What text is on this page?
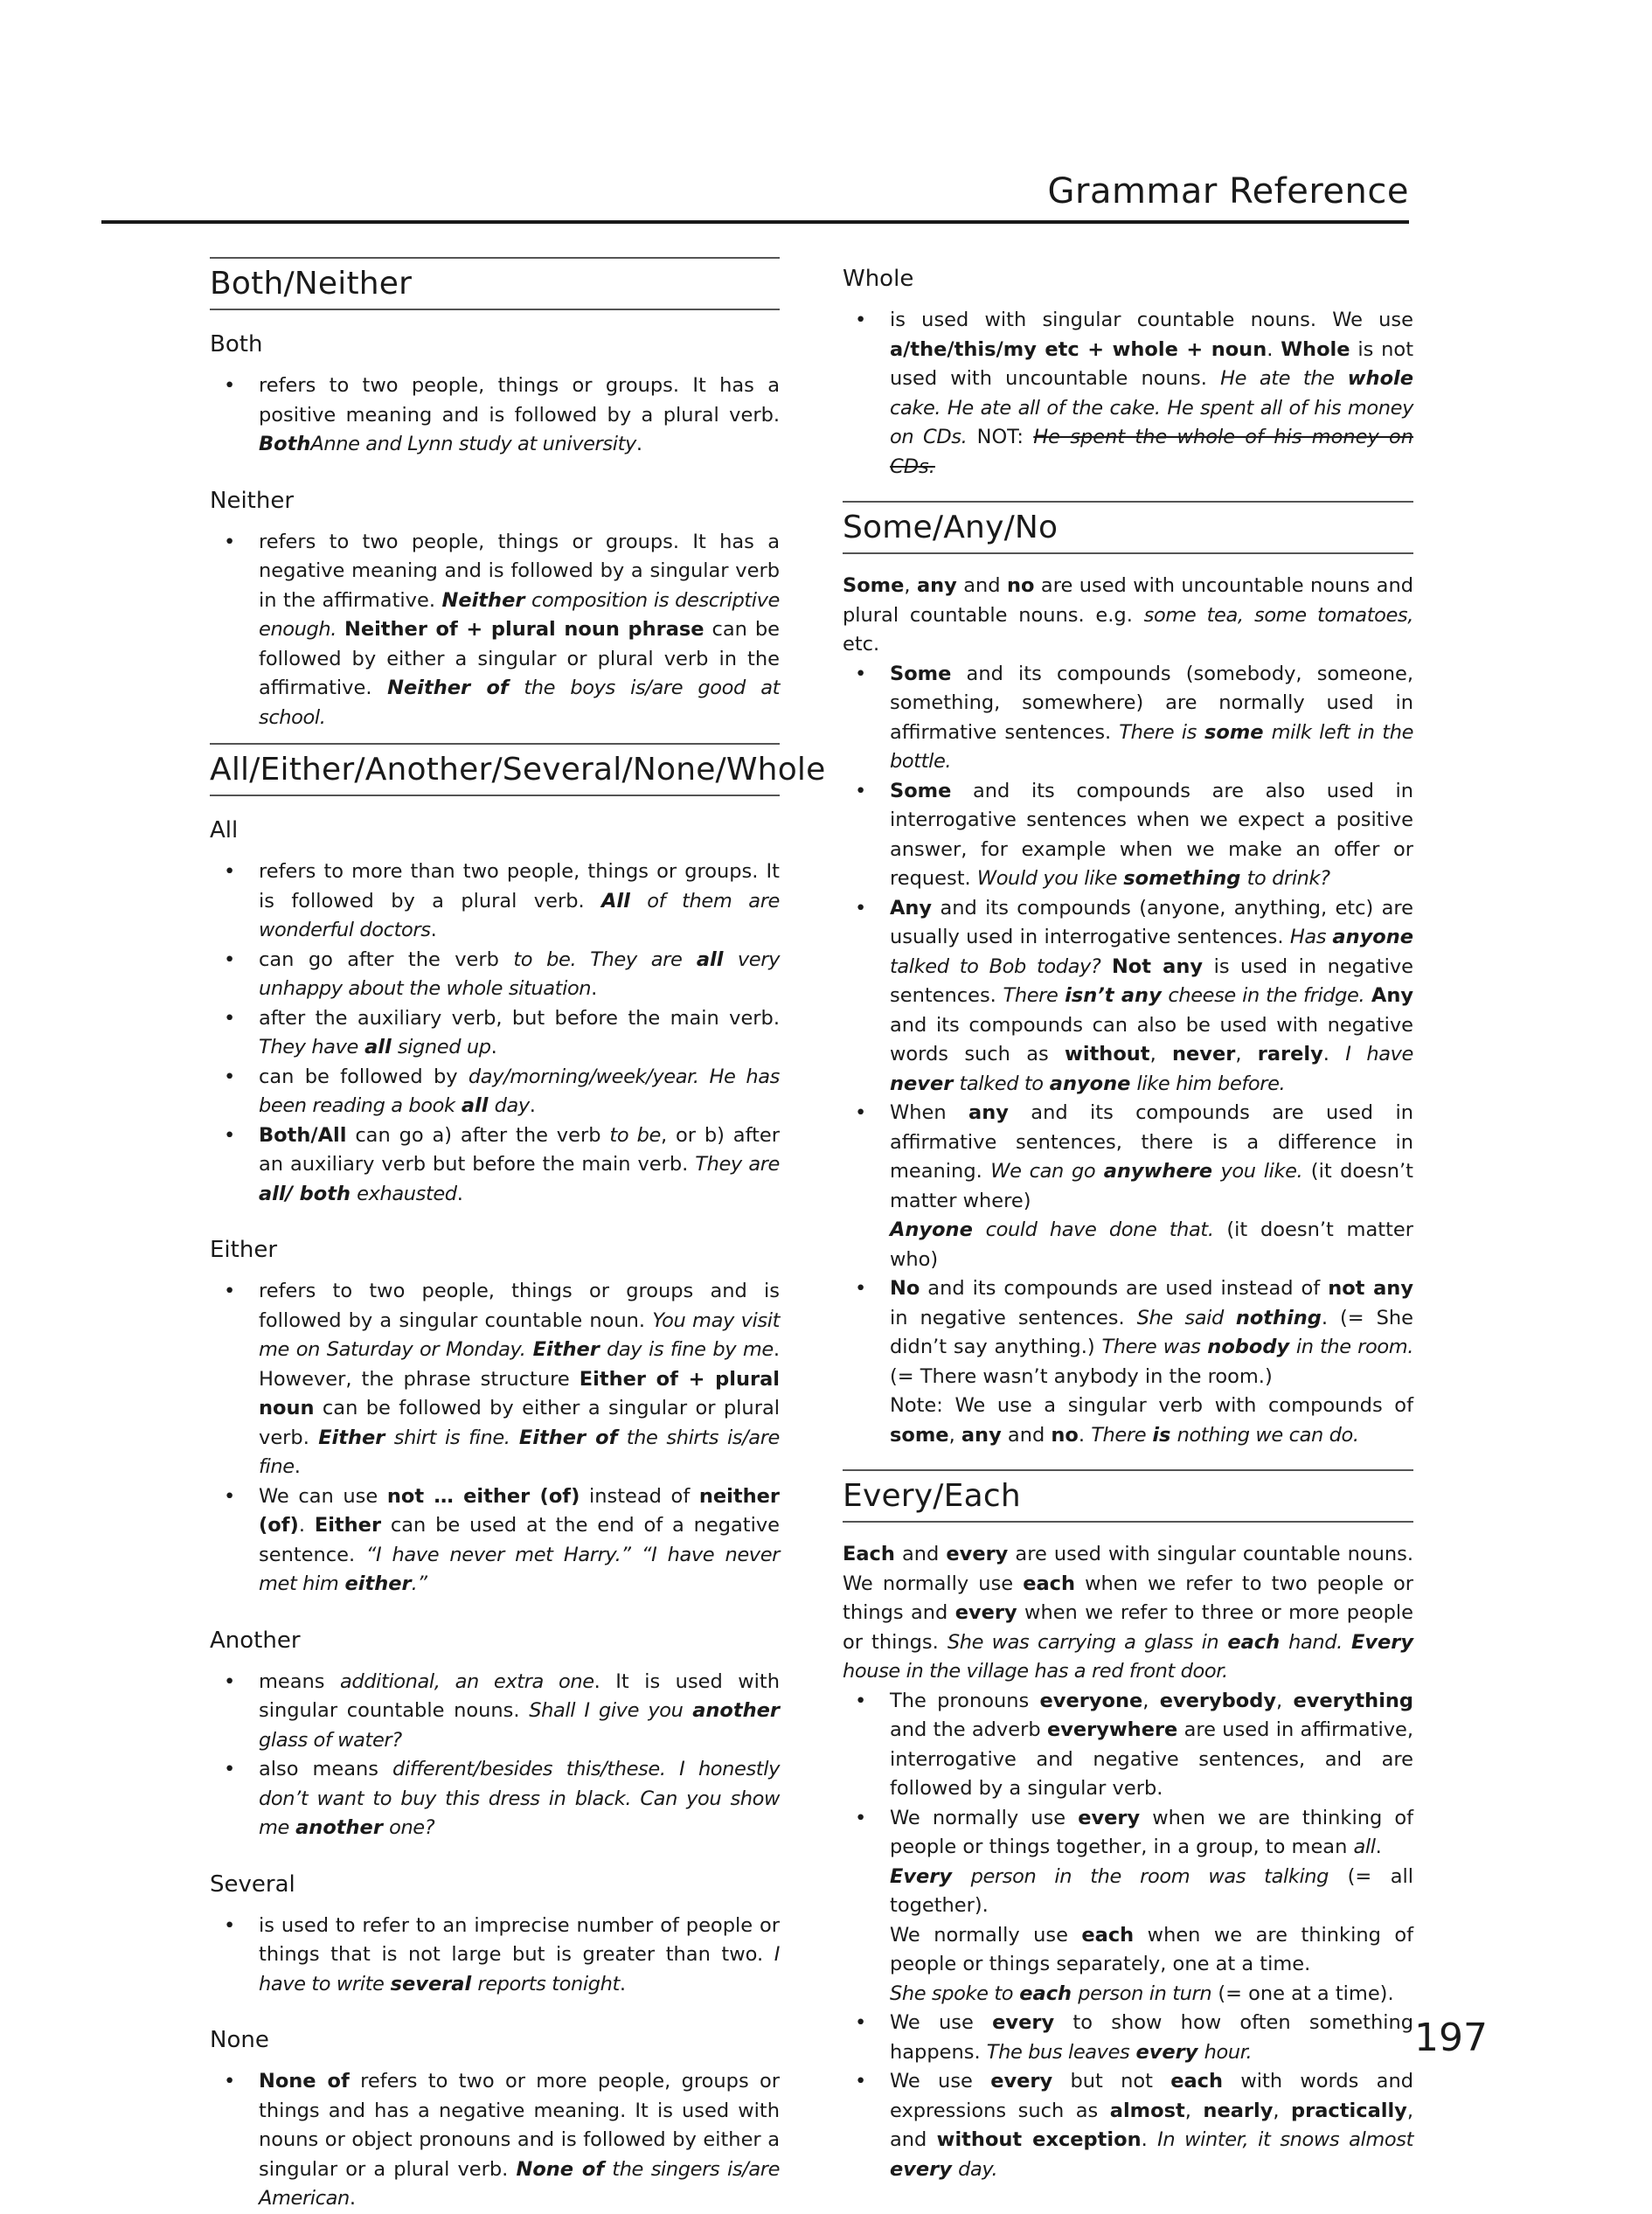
Grammar Reference
Both/Neither
Both
• refers to two people, things or groups. It has a positive meaning and is followed by a plural verb. BothAnne and Lynn study at university.
Neither
• refers to two people, things or groups. It has a negative meaning and is followed by a singular verb in the affirmative. Neither composition is descriptive enough. Neither of + plural noun phrase can be followed by either a singular or plural verb in the affirmative. Neither of the boys is/are good at school.
All/Either/Another/Several/None/Whole
All
• refers to more than two people, things or groups. It is followed by a plural verb. All of them are wonderful doctors.
• can go after the verb to be. They are all very unhappy about the whole situation.
• after the auxiliary verb, but before the main verb. They have all signed up.
• can be followed by day/morning/week/year. He has been reading a book all day.
• Both/All can go a) after the verb to be, or b) after an auxiliary verb but before the main verb. They are all/ both exhausted.
Either
• refers to two people, things or groups and is followed by a singular countable noun. You may visit me on Saturday or Monday. Either day is fine by me. However, the phrase structure Either of + plural noun can be followed by either a singular or plural verb. Either shirt is fine. Either of the shirts is/are fine.
• We can use not … either (of) instead of neither (of). Either can be used at the end of a negative sentence. “I have never met Harry.” “I have never met him either.”
Another
• means additional, an extra one. It is used with singular countable nouns. Shall I give you another glass of water?
• also means different/besides this/these. I honestly don’t want to buy this dress in black. Can you show me another one?
Several
• is used to refer to an imprecise number of people or things that is not large but is greater than two. I have to write several reports tonight.
None
• None of refers to two or more people, groups or things and has a negative meaning. It is used with nouns or object pronouns and is followed by either a singular or a plural verb. None of the singers is/are American.
Whole
• is used with singular countable nouns. We use a/the/this/my etc + whole + noun. Whole is not used with uncountable nouns. He ate the whole cake. He ate all of the cake. He spent all of his money on CDs. NOT: He spent the whole of his money on CDs.
Some/Any/No

Some, any and no are used with uncountable nouns and plural countable nouns. e.g. some tea, some tomatoes, etc.

• Some and its compounds (somebody, someone, something, somewhere) are normally used in affirmative sentences. There is some milk left in the bottle.
• Some and its compounds are also used in interrogative sentences when we expect a positive answer, for example when we make an offer or request. Would you like something to drink?
• Any and its compounds (anyone, anything, etc) are usually used in interrogative sentences. Has anyone talked to Bob today? Not any is used in negative sentences. There isn’t any cheese in the fridge. Any and its compounds can also be used with negative words such as without, never, rarely. I have never talked to anyone like him before.
• When any and its compounds are used in affirmative sentences, there is a difference in meaning. We can go anywhere you like. (it doesn’t matter where)
Anyone could have done that. (it doesn’t matter who)
• No and its compounds are used instead of not any in negative sentences. She said nothing. (= She didn’t say anything.) There was nobody in the room. (= There wasn’t anybody in the room.)
Note: We use a singular verb with compounds of some, any and no. There is nothing we can do.
Every/Each

Each and every are used with singular countable nouns. We normally use each when we refer to two people or things and every when we refer to three or more people or things. She was carrying a glass in each hand. Every house in the village has a red front door.

• The pronouns everyone, everybody, everything and the adverb everywhere are used in affirmative, interrogative and negative sentences, and are followed by a singular verb.
• We normally use every when we are thinking of people or things together, in a group, to mean all.
Every person in the room was talking (= all together).
We normally use each when we are thinking of people or things separately, one at a time.
She spoke to each person in turn (= one at a time).
• We use every to show how often something happens. The bus leaves every hour.
• We use every but not each with words and expressions such as almost, nearly, practically, and without exception. In winter, it snows almost every day.
197
